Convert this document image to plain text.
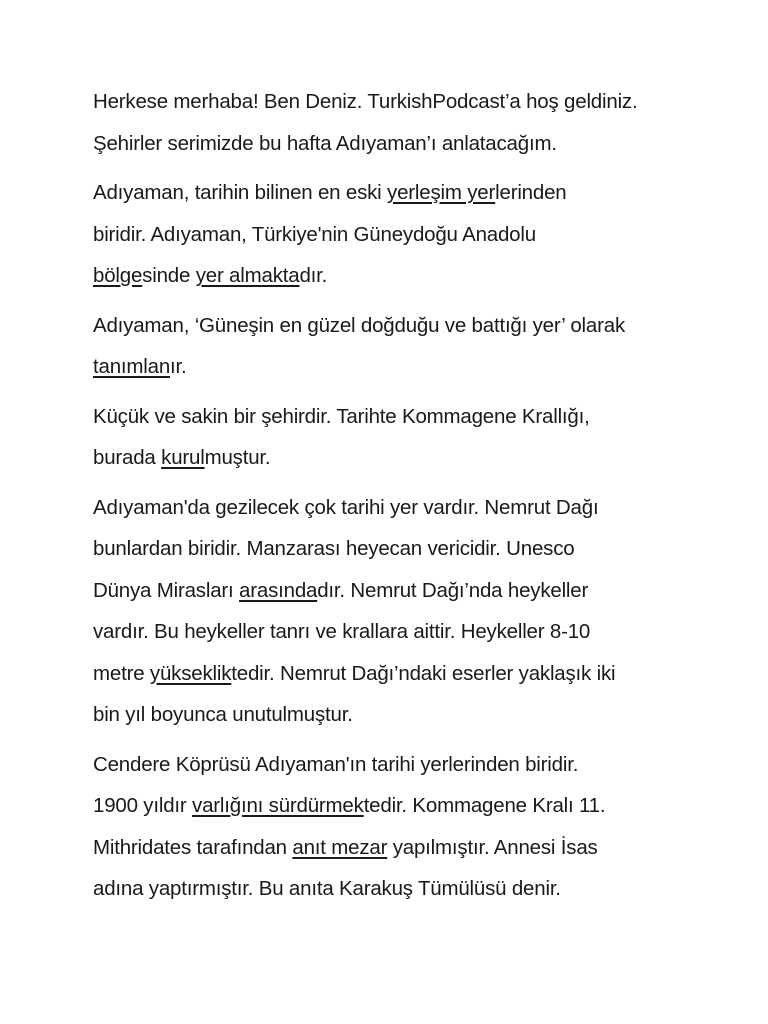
Herkese merhaba! Ben Deniz. TurkishPodcast’a hoş geldiniz.
Şehirler serimizde bu hafta Adıyaman’ı anlatacağım.

Adıyaman, tarihin bilinen en eski yerleşim yerlerinden
biridir. Adıyaman, Türkiye'nin Güneydoğu Anadolu
bölgesinde yer almaktadır.

Adıyaman, ‘Güneşin en güzel doğduğu ve battığı yer’ olarak
tanımlanır.

Küçük ve sakin bir şehirdir. Tarihte Kommagene Krallığı,
burada kurulmuştur.

Adıyaman'da gezilecek çok tarihi yer vardır. Nemrut Dağı
bunlardan biridir. Manzarası heyecan vericidir. Unesco
Dünya Mirasları arasındadır. Nemrut Dağı’nda heykeller
vardır. Bu heykeller tanrı ve krallara aittir. Heykeller 8-10
metre yüksekliktedir. Nemrut Dağı’ndaki eserler yaklaşık iki
bin yıl boyunca unutulmuştur.

Cendere Köprüsü Adıyaman'ın tarihi yerlerinden biridir.
1900 yıldır varlığını sürdürmektedir. Kommagene Kralı 11.
Mithridates tarafından anıt mezar yapılmıştır. Annesi İsas
adına yaptırmıştır. Bu anıta Karakuş Tümülüsü denir.
